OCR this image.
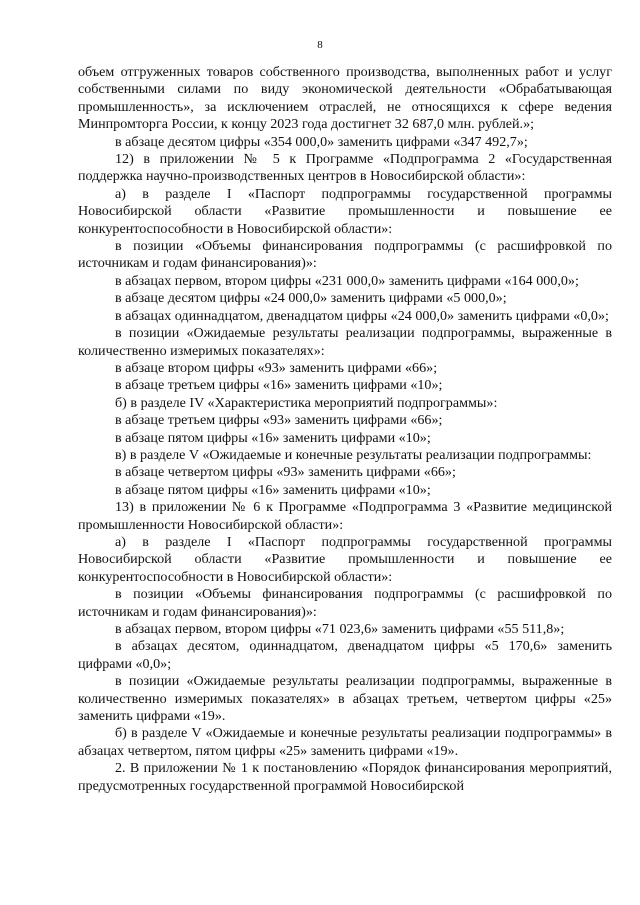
8

объем отгруженных товаров собственного производства, выполненных работ и услуг собственными силами по виду экономической деятельности «Обрабатывающая промышленность», за исключением отраслей, не относящихся к сфере ведения Минпромторга России, к концу 2023 года достигнет 32 687,0 млн. рублей.»;

в абзаце десятом цифры «354 000,0» заменить цифрами «347 492,7»;

12) в приложении № 5 к Программе «Подпрограмма 2 «Государственная поддержка научно-производственных центров в Новосибирской области»:

а) в разделе I «Паспорт подпрограммы государственной программы Новосибирской области «Развитие промышленности и повышение ее конкурентоспособности в Новосибирской области»:

в позиции «Объемы финансирования подпрограммы (с расшифровкой по источникам и годам финансирования)»:

в абзацах первом, втором цифры «231 000,0» заменить цифрами «164 000,0»;

в абзаце десятом цифры «24 000,0» заменить цифрами «5 000,0»;

в абзацах одиннадцатом, двенадцатом цифры «24 000,0» заменить цифрами «0,0»;

в позиции «Ожидаемые результаты реализации подпрограммы, выраженные в количественно измеримых показателях»:

в абзаце втором цифры «93» заменить цифрами «66»;

в абзаце третьем цифры «16» заменить цифрами «10»;

б) в разделе IV «Характеристика мероприятий подпрограммы»:

в абзаце третьем цифры «93» заменить цифрами «66»;

в абзаце пятом цифры «16» заменить цифрами «10»;

в) в разделе V «Ожидаемые и конечные результаты реализации подпрограммы:

в абзаце четвертом цифры «93» заменить цифрами «66»;

в абзаце пятом цифры «16» заменить цифрами «10»;

13) в приложении № 6 к Программе «Подпрограмма 3 «Развитие медицинской промышленности Новосибирской области»:

а) в разделе I «Паспорт подпрограммы государственной программы Новосибирской области «Развитие промышленности и повышение ее конкурентоспособности в Новосибирской области»:

в позиции «Объемы финансирования подпрограммы (с расшифровкой по источникам и годам финансирования)»:

в абзацах первом, втором цифры «71 023,6» заменить цифрами «55 511,8»;

в абзацах десятом, одиннадцатом, двенадцатом цифры «5 170,6» заменить цифрами «0,0»;

в позиции «Ожидаемые результаты реализации подпрограммы, выраженные в количественно измеримых показателях» в абзацах третьем, четвертом цифры «25» заменить цифрами «19».

б) в разделе V «Ожидаемые и конечные результаты реализации подпрограммы» в абзацах четвертом, пятом цифры «25» заменить цифрами «19».

2. В приложении № 1 к постановлению «Порядок финансирования мероприятий, предусмотренных государственной программой Новосибирской
